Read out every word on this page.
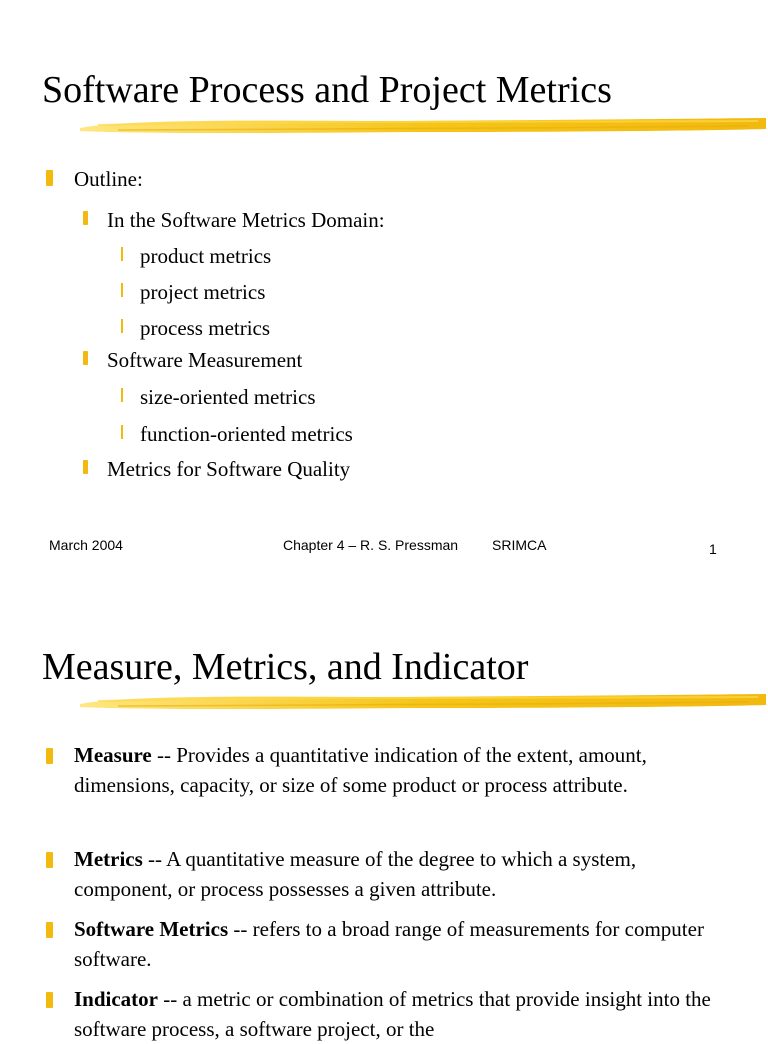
Software Process and Project Metrics
Outline:
In the Software Metrics Domain:
product metrics
project metrics
process metrics
Software Measurement
size-oriented metrics
function-oriented metrics
Metrics for Software Quality
March 2004	Chapter 4 – R. S. Pressman SRIMCA	1
Measure, Metrics, and Indicator
Measure -- Provides a quantitative indication of the extent, amount, dimensions, capacity, or size of some product or process attribute.
Metrics -- A quantitative measure of the degree to which a system, component, or process possesses a given attribute.
Software Metrics -- refers to a broad range of measurements for computer software.
Indicator -- a metric or combination of metrics that provide insight into the software process, a software project, or the
